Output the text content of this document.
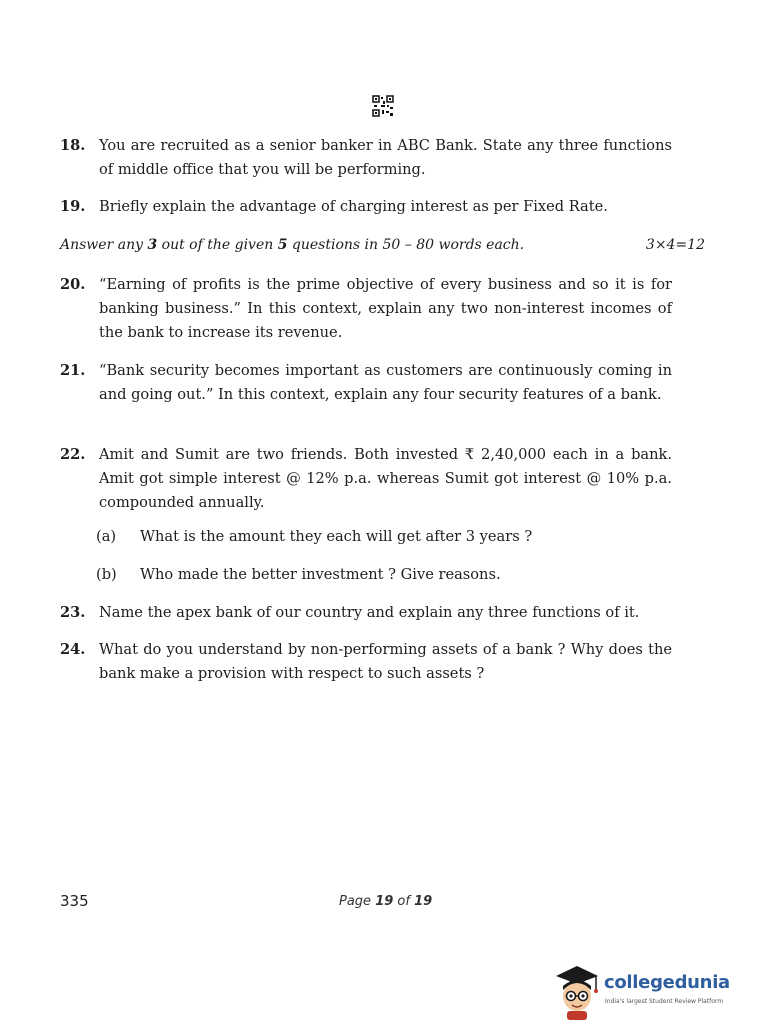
18. You are recruited as a senior banker in ABC Bank. State any three functions of middle office that you will be performing.
19. Briefly explain the advantage of charging interest as per Fixed Rate.
Answer any 3 out of the given 5 questions in 50 – 80 words each.	3×4=12
20. “Earning of profits is the prime objective of every business and so it is for banking business.” In this context, explain any two non-interest incomes of the bank to increase its revenue.
21. “Bank security becomes important as customers are continuously coming in and going out.” In this context, explain any four security features of a bank.
22. Amit and Sumit are two friends. Both invested ₹ 2,40,000 each in a bank. Amit got simple interest @ 12% p.a. whereas Sumit got interest @ 10% p.a. compounded annually.
(a) What is the amount they each will get after 3 years ?
(b) Who made the better investment ? Give reasons.
23. Name the apex bank of our country and explain any three functions of it.
24. What do you understand by non-performing assets of a bank ? Why does the bank make a provision with respect to such assets ?
335	Page 19 of 19
collegedunia
India's largest Student Review Platform
